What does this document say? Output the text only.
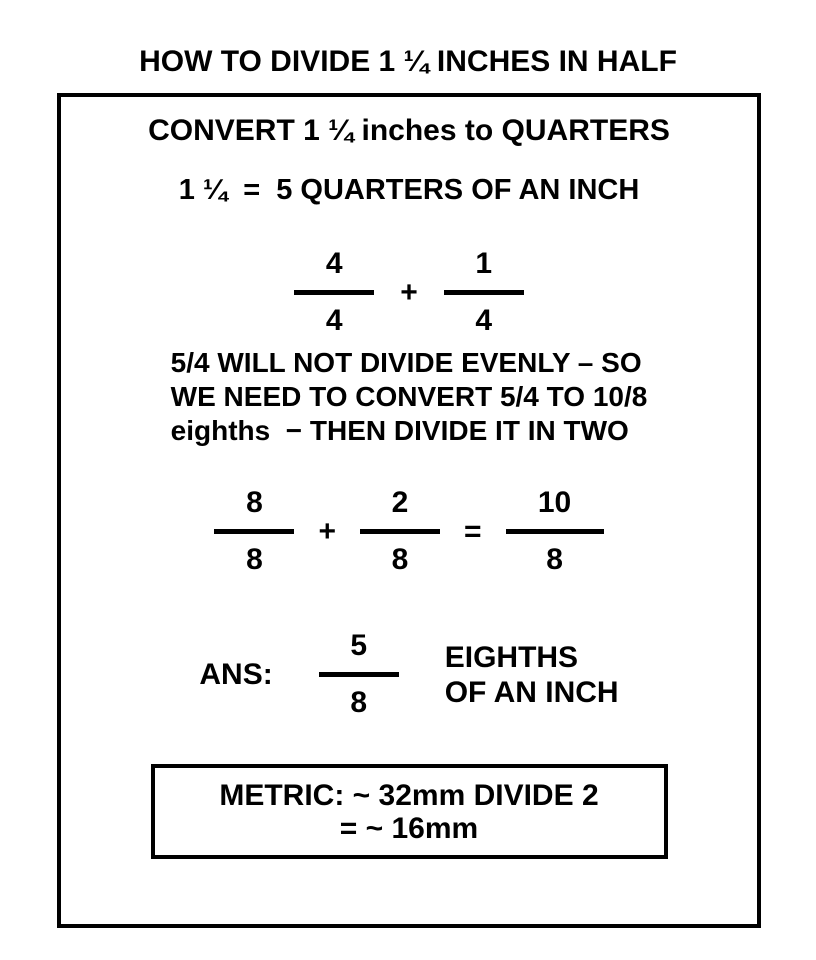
HOW TO DIVIDE 1 ¼ INCHES IN HALF
CONVERT 1 ¼ inches to QUARTERS
1 ¼  =  5 QUARTERS OF AN INCH
4
4
+
1
4
5/4 WILL NOT DIVIDE EVENLY – SO
WE NEED TO CONVERT 5/4 TO 10/8
eighths  − THEN DIVIDE IT IN TWO
8
8
+
2
8
=
10
8
ANS:
5
8
EIGHTHS
OF AN INCH
METRIC: ~ 32mm DIVIDE 2
= ~ 16mm
